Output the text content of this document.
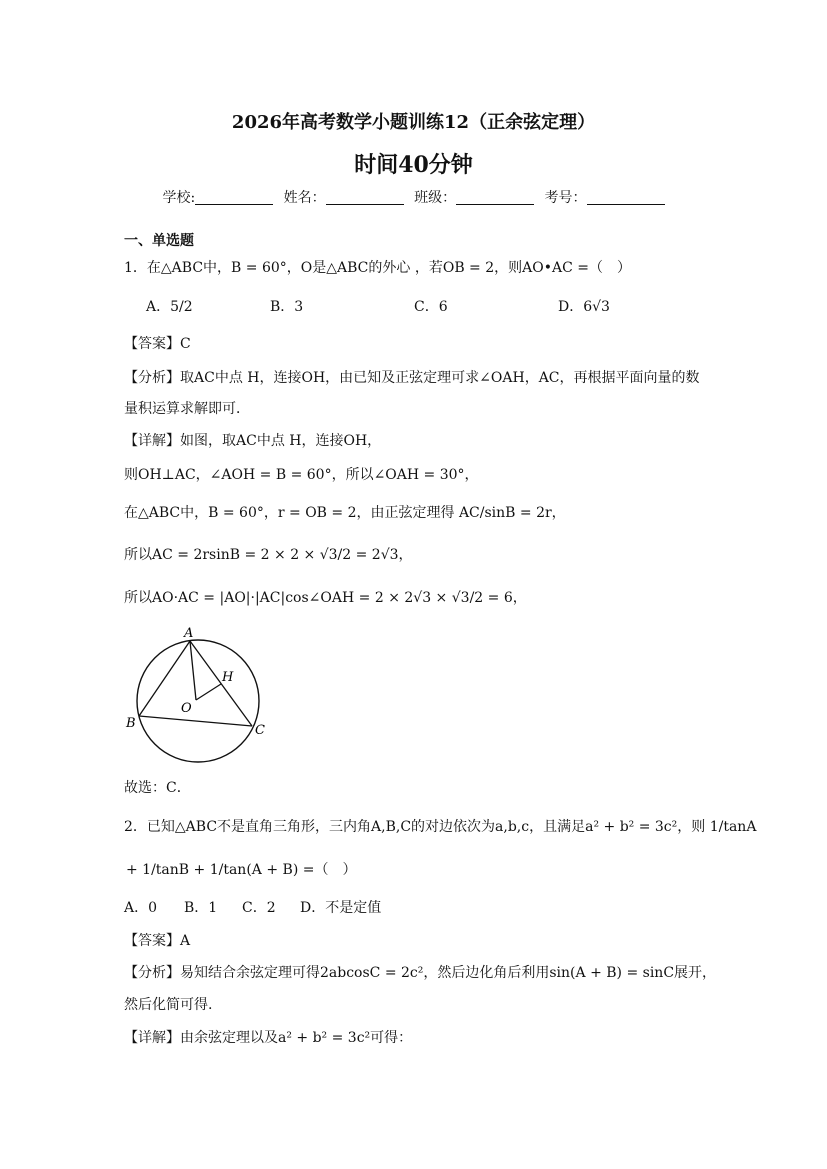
2026年高考数学小题训练12（正余弦定理）
时间40分钟
学校:	姓名：	班级：	考号：
一、单选题
1．在△ABC中，B = 60°，O是△ABC的外心 ，若OB = 2，则AO•AC =（　）
A．5/2	B．3	C．6	D．6√3
【答案】C
【分析】取AC中点 H，连接OH，由已知及正弦定理可求∠OAH，AC，再根据平面向量的数
量积运算求解即可．
【详解】如图，取AC中点 H，连接OH，
则OH⊥AC，∠AOH = B = 60°，所以∠OAH = 30°，
在△ABC中，B = 60°，r = OB = 2，由正弦定理得 AC/sinB = 2r，
所以AC = 2rsinB = 2 × 2 × √3/2 = 2√3，
所以AO·AC = |AO|·|AC|cos∠OAH = 2 × 2√3 × √3/2 = 6，
A
H
O
B	C
故选：C．
2．已知△ABC不是直角三角形，三内角A,B,C的对边依次为a,b,c，且满足a² + b² = 3c²，则 1/tanA
+ 1/tanB + 1/tan(A + B) =（　）
A．0 B．1 C．2 D．不是定值
【答案】A
【分析】易知结合余弦定理可得2abcosC = 2c²，然后边化角后利用sin(A + B) = sinC展开，
然后化简可得.
【详解】由余弦定理以及a² + b² = 3c²可得：
